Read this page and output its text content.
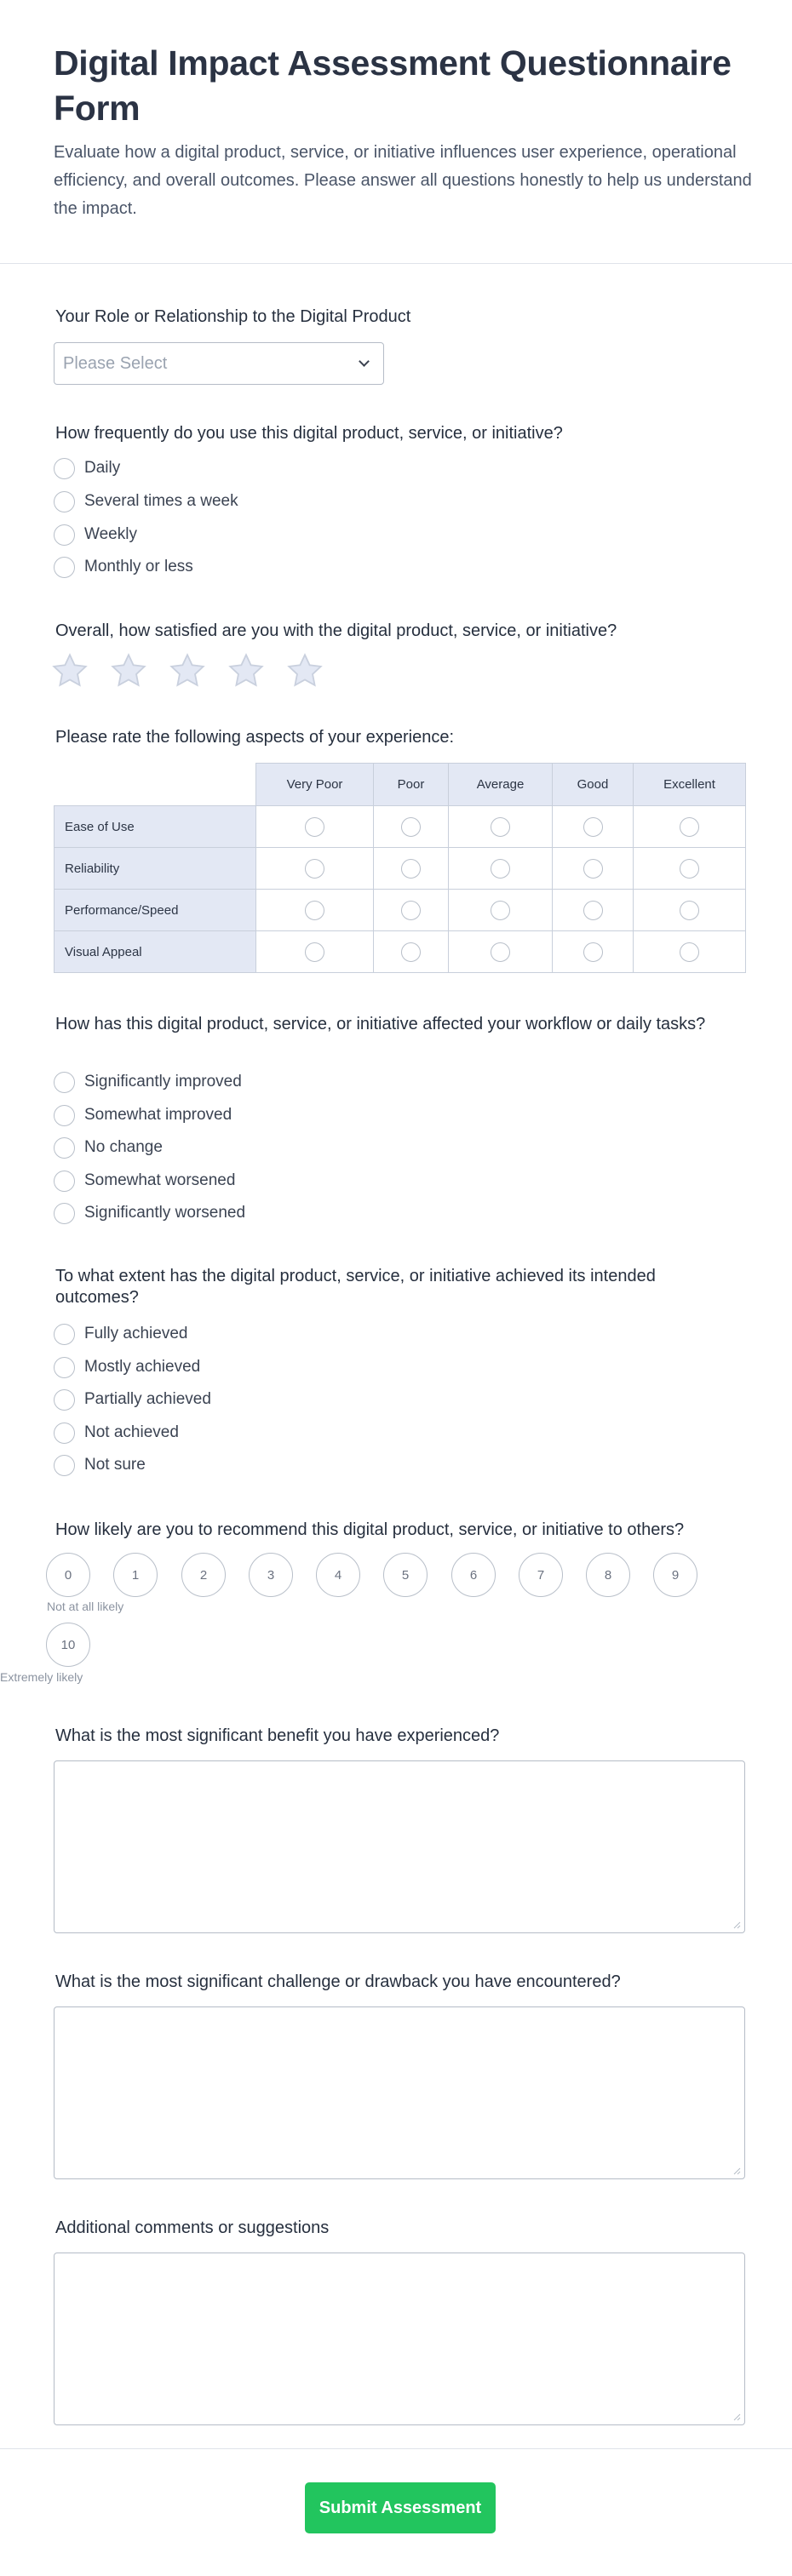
Digital Impact Assessment Questionnaire Form

Evaluate how a digital product, service, or initiative influences user experience, operational efficiency, and overall outcomes. Please answer all questions honestly to help us understand the impact.

Your Role or Relationship to the Digital Product
Please Select
How frequently do you use this digital product, service, or initiative?
Daily
Several times a week
Weekly
Monthly or less
Overall, how satisfied are you with the digital product, service, or initiative?
Please rate the following aspects of your experience:
	Very Poor	Poor	Average	Good	Excellent
Ease of Use					
Reliability					
Performance/Speed					
Visual Appeal					
How has this digital product, service, or initiative affected your workflow or daily tasks?
Significantly improved
Somewhat improved
No change
Somewhat worsened
Significantly worsened
To what extent has the digital product, service, or initiative achieved its intended outcomes?
Fully achieved
Mostly achieved
Partially achieved
Not achieved
Not sure
How likely are you to recommend this digital product, service, or initiative to others?
0	1	2	3	4	5	6	7	8	9
Not at all likely
10
Extremely likely
What is the most significant benefit you have experienced?
What is the most significant challenge or drawback you have encountered?
Additional comments or suggestions
Submit Assessment
